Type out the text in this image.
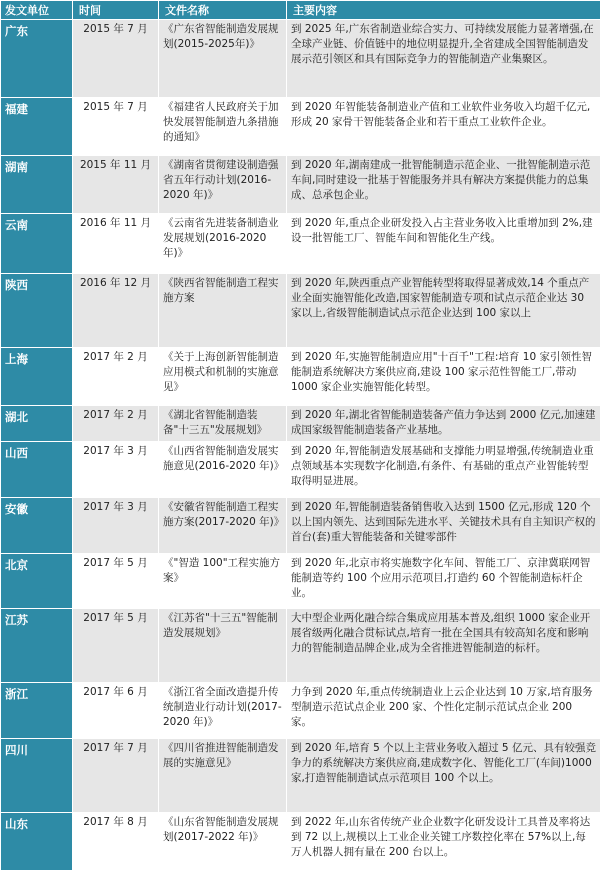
发文单位	时间	文件名称	主要内容
广东	2015 年 7 月	《广东省智能制造发展规划(2015-2025年)》	到 2025 年,广东省制造业综合实力、可持续发展能力显著增强,在全球产业链、价值链中的地位明显提升,全省建成全国智能制造发展示范引领区和具有国际竞争力的智能制造产业集聚区。
福建	2015 年 7 月	《福建省人民政府关于加快发展智能制造九条措施的通知》	到 2020 年智能装备制造业产值和工业软件业务收入均超千亿元,形成 20 家骨干智能装备企业和若干重点工业软件企业。
湖南	2015 年 11 月	《湖南省贯彻建设制造强省五年行动计划(2016-2020 年)》	到 2020 年,湖南建成一批智能制造示范企业、一批智能制造示范车间,同时建设一批基于智能服务并具有解决方案提供能力的总集成、总承包企业。
云南	2016 年 11 月	《云南省先进装备制造业发展规划(2016-2020 年)》	到 2020 年,重点企业研发投入占主营业务收入比重增加到 2%,建设一批智能工厂、智能车间和智能化生产线。
陕西	2016 年 12 月	《陕西省智能制造工程实施方案	到 2020 年,陕西重点产业智能转型将取得显著成效,14 个重点产业全面实施智能化改造,国家智能制造专项和试点示范企业达 30 家以上,省级智能制造试点示范企业达到 100 家以上
上海	2017 年 2 月	《关于上海创新智能制造应用模式和机制的实施意见》	到 2020 年,实施智能制造应用"十百千"工程:培育 10 家引领性智能制造系统解决方案供应商,建设 100 家示范性智能工厂,带动 1000 家企业实施智能化转型。
湖北	2017 年 2 月	《湖北省智能制造装备"十三五"发展规划》	到 2020 年,湖北省智能制造装备产值力争达到 2000 亿元,加速建成国家级智能制造装备产业基地。
山西	2017 年 3 月	《山西省智能制造发展实施意见(2016-2020 年)》	到 2020 年,智能制造发展基础和支撑能力明显增强,传统制造业重点领域基本实现数字化制造,有条件、有基础的重点产业智能转型取得明显进展。
安徽	2017 年 3 月	《安徽省智能制造工程实施方案(2017-2020 年)》	到 2020 年,智能制造装备销售收入达到 1500 亿元,形成 120 个以上国内领先、达到国际先进水平、关键技术具有自主知识产权的首台(套)重大智能装备和关键零部件
北京	2017 年 5 月	《"智造 100"工程实施方案》	到 2020 年,北京市将实施数字化车间、智能工厂、京津冀联网智能制造等约 100 个应用示范项目,打造约 60 个智能制造标杆企业。
江苏	2017 年 5 月	《江苏省"十三五"智能制造发展规划》	大中型企业两化融合综合集成应用基本普及,组织 1000 家企业开展省级两化融合贯标试点,培育一批在全国具有较高知名度和影响力的智能制造品牌企业,成为全省推进智能制造的标杆。
浙江	2017 年 6 月	《浙江省全面改造提升传统制造业行动计划(2017-2020 年)》	力争到 2020 年,重点传统制造业上云企业达到 10 万家,培育服务型制造示范试点企业 200 家、个性化定制示范试点企业 200 家。
四川	2017 年 7 月	《四川省推进智能制造发展的实施意见》	到 2020 年,培育 5 个以上主营业务收入超过 5 亿元、具有较强竞争力的系统解决方案供应商,建成数字化、智能化工厂(车间)1000 家,打造智能制造试点示范项目 100 个以上。
山东	2017 年 8 月	《山东省智能制造发展规划(2017-2022 年)》	到 2022 年,山东省传统产业企业数字化研发设计工具普及率将达到 72 以上,规模以上工业企业关键工序数控化率在 57%以上,每万人机器人拥有量在 200 台以上。
